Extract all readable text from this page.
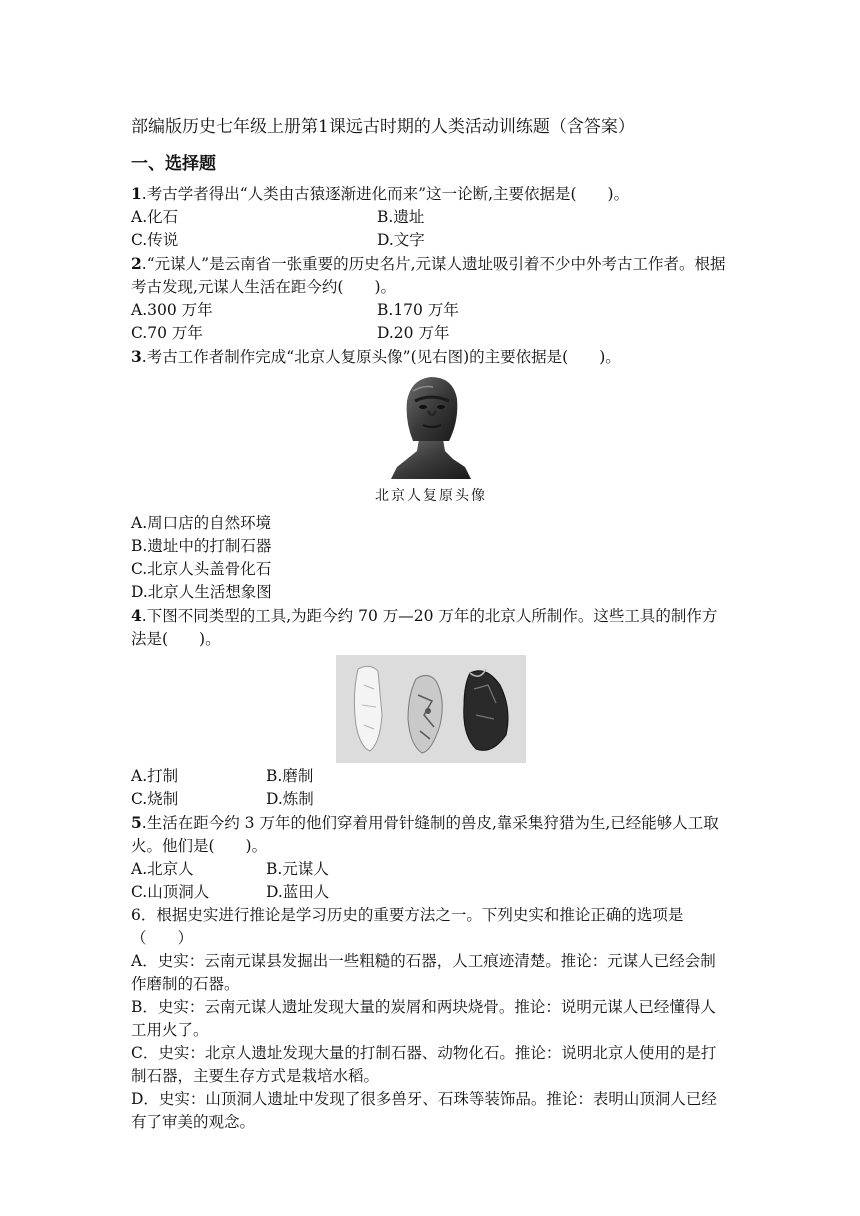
部编版历史七年级上册第1课远古时期的人类活动训练题（含答案）

一、选择题

1.考古学者得出“人类由古猿逐渐进化而来”这一论断,主要依据是(　　)。

A.化石	B.遗址
C.传说	D.文字

2.“元谋人”是云南省一张重要的历史名片,元谋人遗址吸引着不少中外考古工作者。根据考古发现,元谋人生活在距今约(　　)。

A.300 万年	B.170 万年
C.70 万年	D.20 万年

3.考古工作者制作完成“北京人复原头像”(见右图)的主要依据是(　　)。

北京人复原头像

A.周口店的自然环境

B.遗址中的打制石器

C.北京人头盖骨化石

D.北京人生活想象图

4.下图不同类型的工具,为距今约 70 万—20 万年的北京人所制作。这些工具的制作方法是(　　)。

A.打制	B.磨制
C.烧制	D.炼制

5.生活在距今约 3 万年的他们穿着用骨针缝制的兽皮,靠采集狩猎为生,已经能够人工取火。他们是(　　)。

A.北京人	B.元谋人
C.山顶洞人	D.蓝田人

6．根据史实进行推论是学习历史的重要方法之一。下列史实和推论正确的选项是（　　）

A．史实：云南元谋县发掘出一些粗糙的石器，人工痕迹清楚。推论：元谋人已经会制作磨制的石器。

B．史实：云南元谋人遗址发现大量的炭屑和两块烧骨。推论：说明元谋人已经懂得人工用火了。

C．史实：北京人遗址发现大量的打制石器、动物化石。推论：说明北京人使用的是打制石器，主要生存方式是栽培水稻。

D．史实：山顶洞人遗址中发现了很多兽牙、石珠等装饰品。推论：表明山顶洞人已经有了审美的观念。
